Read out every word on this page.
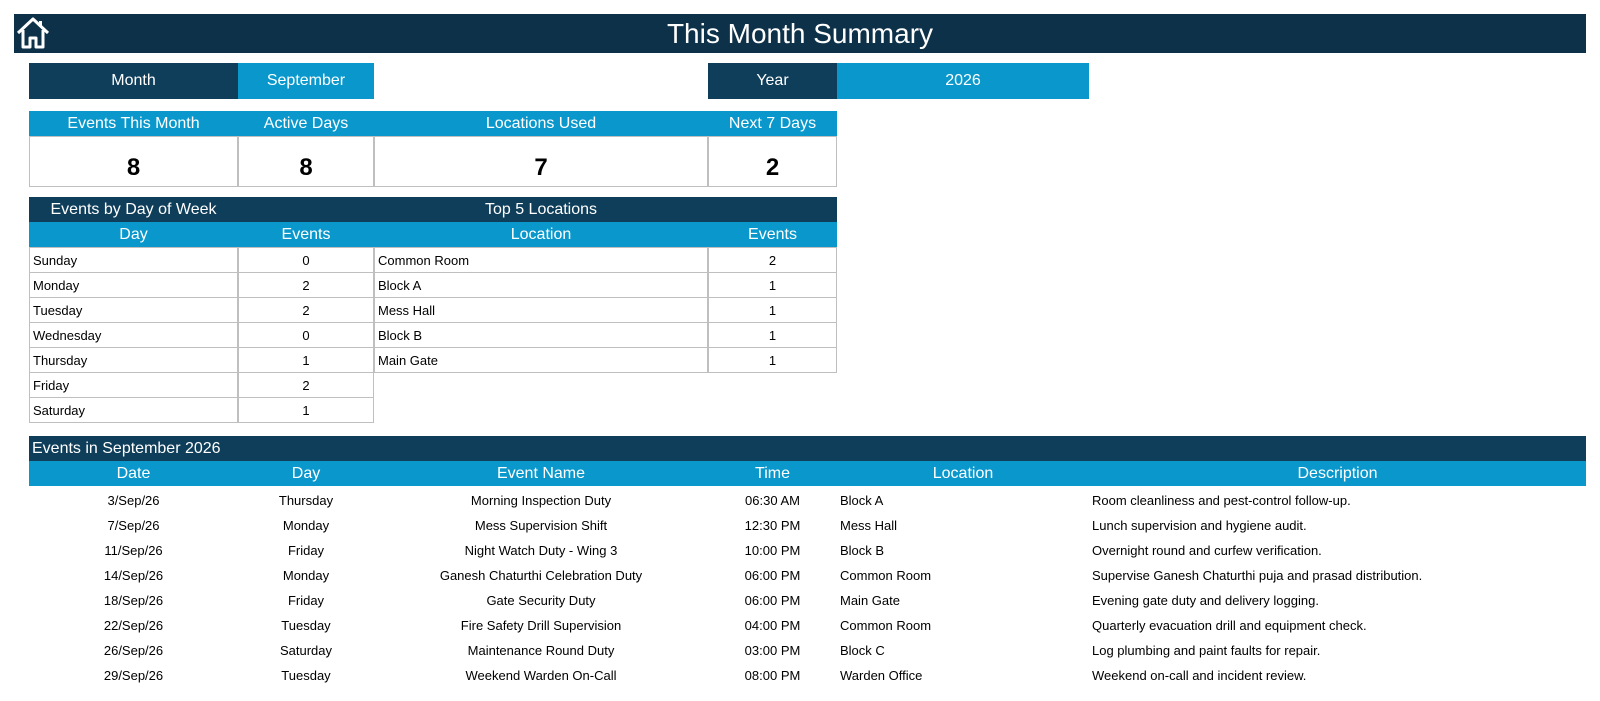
This Month Summary
Month	September	Year	2026
Events This Month	Active Days	Locations Used	Next 7 Days
8	8	7	2
Events by Day of Week	Top 5 Locations
Day	Events	Location	Events
Sunday	0
Monday	2
Tuesday	2
Wednesday	0
Thursday	1
Friday	2
Saturday	1
Common Room	2
Block A	1
Mess Hall	1
Block B	1
Main Gate	1
Events in September 2026
Date	Day	Event Name	Time	Location	Description
3/Sep/26	Thursday	Morning Inspection Duty	06:30 AM	Block A	Room cleanliness and pest-control follow-up.
7/Sep/26	Monday	Mess Supervision Shift	12:30 PM	Mess Hall	Lunch supervision and hygiene audit.
11/Sep/26	Friday	Night Watch Duty - Wing 3	10:00 PM	Block B	Overnight round and curfew verification.
14/Sep/26	Monday	Ganesh Chaturthi Celebration Duty	06:00 PM	Common Room	Supervise Ganesh Chaturthi puja and prasad distribution.
18/Sep/26	Friday	Gate Security Duty	06:00 PM	Main Gate	Evening gate duty and delivery logging.
22/Sep/26	Tuesday	Fire Safety Drill Supervision	04:00 PM	Common Room	Quarterly evacuation drill and equipment check.
26/Sep/26	Saturday	Maintenance Round Duty	03:00 PM	Block C	Log plumbing and paint faults for repair.
29/Sep/26	Tuesday	Weekend Warden On-Call	08:00 PM	Warden Office	Weekend on-call and incident review.
